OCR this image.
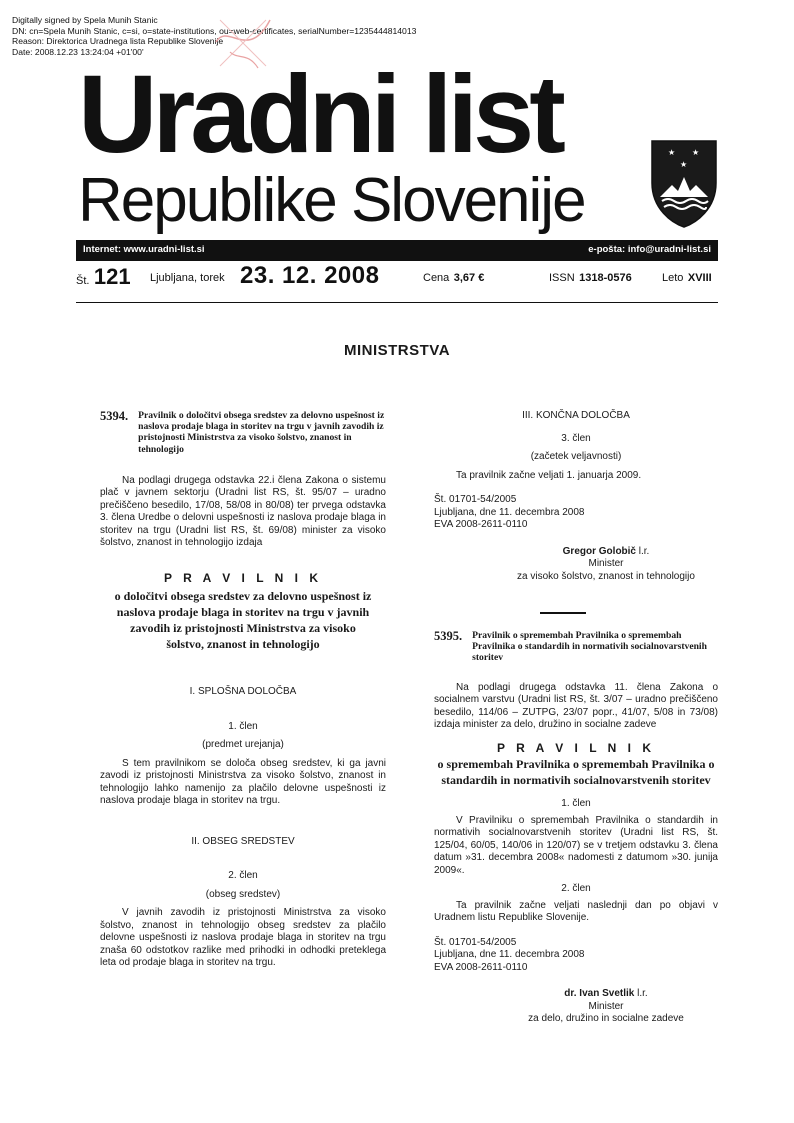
Digitally signed by Spela Munih Stanic
DN: cn=Spela Munih Stanic, c=si, o=state-institutions, ou=web-certificates, serialNumber=1235444814013
Reason: Direktorica Uradnega lista Republike Slovenije
Date: 2008.12.23 13:24:04 +01'00'
Uradni list
Republike Slovenije
★ ★
★
Internet: www.uradni-list.si	e-pošta: info@uradni-list.si
Št. 121 Ljubljana, torek 23. 12. 2008	Cena 3,67 €	ISSN 1318-0576	Leto XVIII
MINISTRSTVA
5394. Pravilnik o določitvi obsega sredstev za delovno uspešnost iz naslova prodaje blaga in storitev na trgu v javnih zavodih iz pristojnosti Ministrstva za visoko šolstvo, znanost in tehnologijo

Na podlagi drugega odstavka 22.i člena Zakona o sistemu plač v javnem sektorju (Uradni list RS, št. 95/07 – uradno prečiščeno besedilo, 17/08, 58/08 in 80/08) ter prvega odstavka 3. člena Uredbe o delovni uspešnosti iz naslova prodaje blaga in storitev na trgu (Uradni list RS, št. 69/08) minister za visoko šolstvo, znanost in tehnologijo izdaja

P R A V I L N I K
o določitvi obsega sredstev za delovno uspešnost iz naslova prodaje blaga in storitev na trgu v javnih zavodih iz pristojnosti Ministrstva za visoko šolstvo, znanost in tehnologijo
I. SPLOŠNA DOLOČBA
1. člen
(predmet urejanja)

S tem pravilnikom se določa obseg sredstev, ki ga javni zavodi iz pristojnosti Ministrstva za visoko šolstvo, znanost in tehnologijo lahko namenijo za plačilo delovne uspešnosti iz naslova prodaje blaga in storitev na trgu.

II. OBSEG SREDSTEV
2. člen
(obseg sredstev)

V javnih zavodih iz pristojnosti Ministrstva za visoko šolstvo, znanost in tehnologijo obseg sredstev za plačilo delovne uspešnosti iz naslova prodaje blaga in storitev na trgu znaša 60 odstotkov razlike med prihodki in odhodki preteklega leta od prodaje blaga in storitev na trgu.

III. KONČNA DOLOČBA
3. člen
(začetek veljavnosti)

Ta pravilnik začne veljati 1. januarja 2009.

Št. 01701-54/2005
Ljubljana, dne 11. decembra 2008
EVA 2008-2611-0110
Gregor Golobič l.r.
Minister
za visoko šolstvo, znanost in tehnologijo
5395. Pravilnik o spremembah Pravilnika o spremembah Pravilnika o standardih in normativih socialnovarstvenih storitev

Na podlagi drugega odstavka 11. člena Zakona o socialnem varstvu (Uradni list RS, št. 3/07 – uradno prečiščeno besedilo, 114/06 – ZUTPG, 23/07 popr., 41/07, 5/08 in 73/08) izdaja minister za delo, družino in socialne zadeve

P R A V I L N I K
o spremembah Pravilnika o spremembah Pravilnika o standardih in normativih socialnovarstvenih storitev
1. člen

V Pravilniku o spremembah Pravilnika o standardih in normativih socialnovarstvenih storitev (Uradni list RS, št. 125/04, 60/05, 140/06 in 120/07) se v tretjem odstavku 3. člena datum »31. decembra 2008« nadomesti z datumom »30. junija 2009«.

2. člen

Ta pravilnik začne veljati naslednji dan po objavi v Uradnem listu Republike Slovenije.

Št. 01701-54/2005
Ljubljana, dne 11. decembra 2008
EVA 2008-2611-0110
dr. Ivan Svetlik l.r.
Minister
za delo, družino in socialne zadeve
